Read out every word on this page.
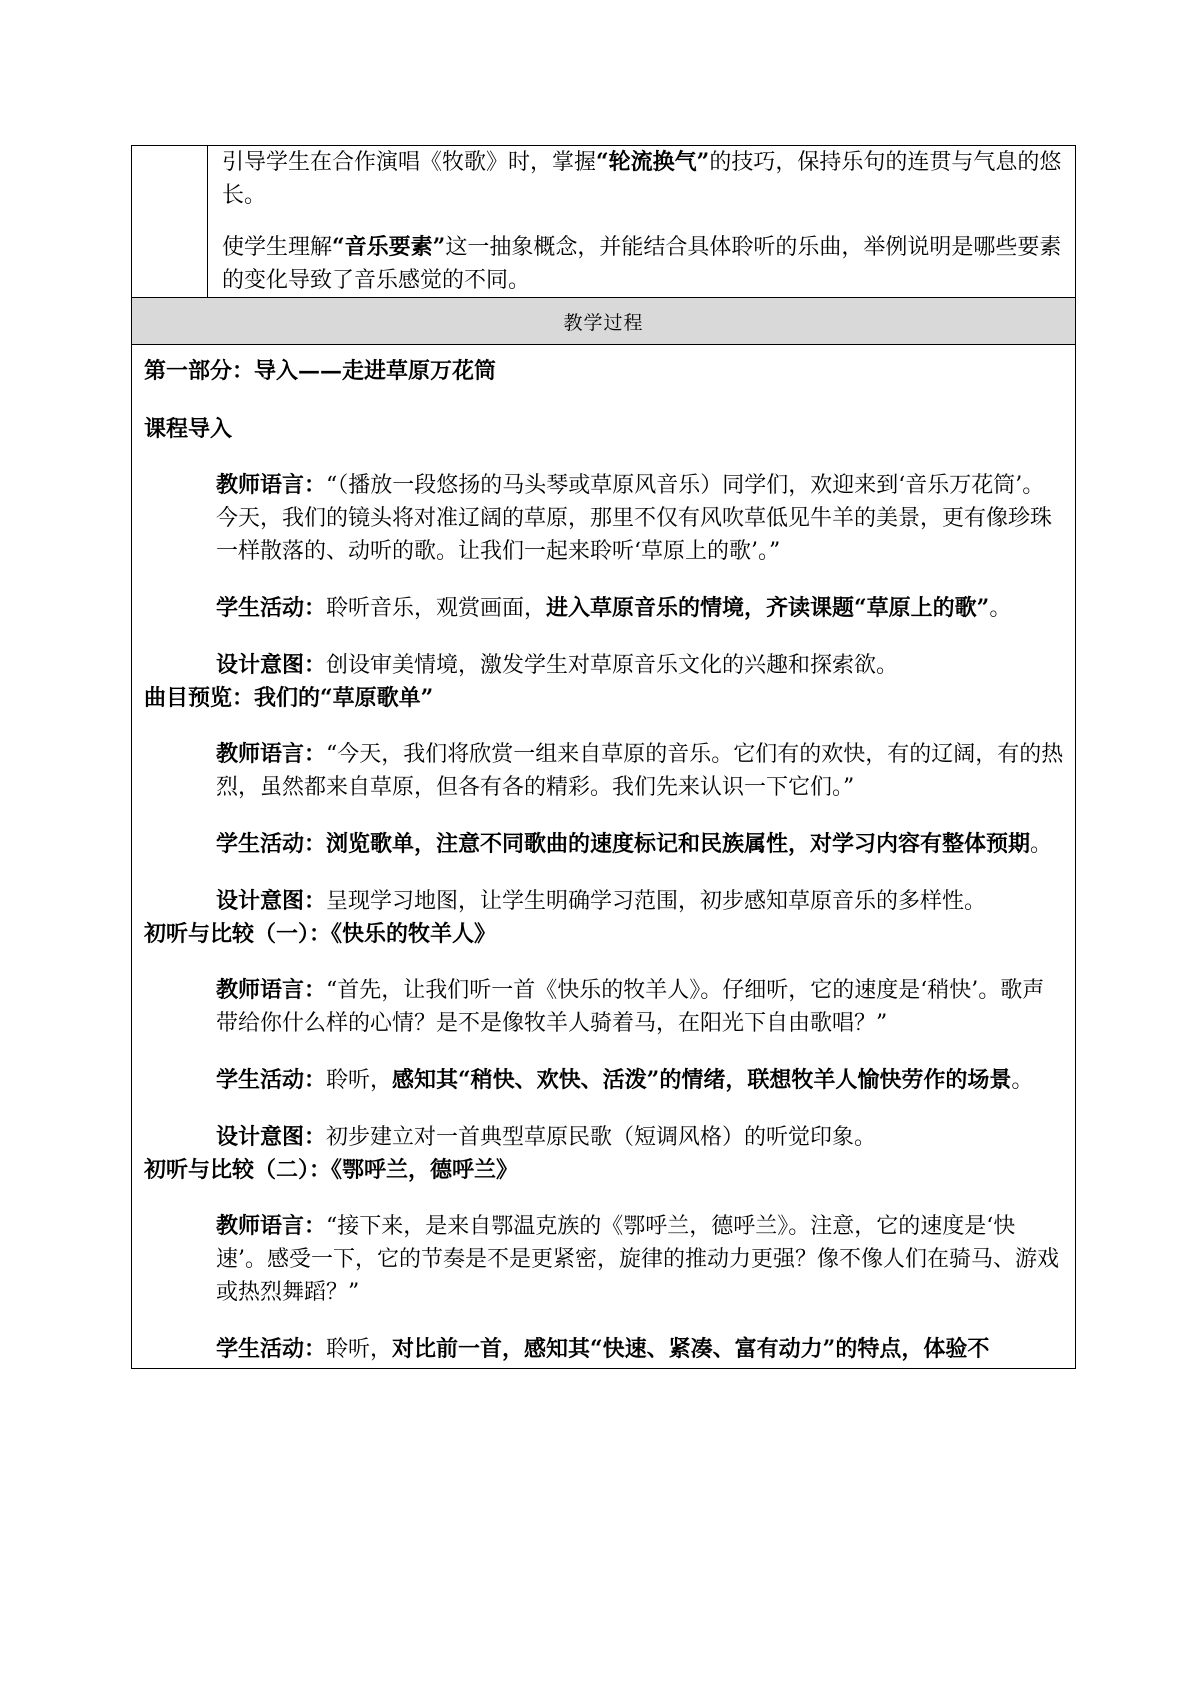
引导学生在合作演唱《牧歌》时，掌握“轮流换气”的技巧，保持乐句的连贯与气息的悠长。

使学生理解“音乐要素”这一抽象概念，并能结合具体聆听的乐曲，举例说明是哪些要素的变化导致了音乐感觉的不同。

教学过程

第一部分：导入——走进草原万花筒

课程导入

教师语言：“（播放一段悠扬的马头琴或草原风音乐）同学们，欢迎来到‘音乐万花筒’。今天，我们的镜头将对准辽阔的草原，那里不仅有风吹草低见牛羊的美景，更有像珍珠一样散落的、动听的歌。让我们一起来聆听‘草原上的歌’。”

学生活动：聆听音乐，观赏画面，进入草原音乐的情境，齐读课题“草原上的歌”。

设计意图：创设审美情境，激发学生对草原音乐文化的兴趣和探索欲。

曲目预览：我们的“草原歌单”

教师语言：“今天，我们将欣赏一组来自草原的音乐。它们有的欢快，有的辽阔，有的热烈，虽然都来自草原，但各有各的精彩。我们先来认识一下它们。”

学生活动：浏览歌单，注意不同歌曲的速度标记和民族属性，对学习内容有整体预期。

设计意图：呈现学习地图，让学生明确学习范围，初步感知草原音乐的多样性。

初听与比较（一）：《快乐的牧羊人》

教师语言：“首先，让我们听一首《快乐的牧羊人》。仔细听，它的速度是‘稍快’。歌声带给你什么样的心情？是不是像牧羊人骑着马，在阳光下自由歌唱？”

学生活动：聆听，感知其“稍快、欢快、活泼”的情绪，联想牧羊人愉快劳作的场景。

设计意图：初步建立对一首典型草原民歌（短调风格）的听觉印象。

初听与比较（二）：《鄂呼兰，德呼兰》

教师语言：“接下来，是来自鄂温克族的《鄂呼兰，德呼兰》。注意，它的速度是‘快速’。感受一下，它的节奏是不是更紧密，旋律的推动力更强？像不像人们在骑马、游戏或热烈舞蹈？”

学生活动：聆听，对比前一首，感知其“快速、紧凑、富有动力”的特点，体验不
